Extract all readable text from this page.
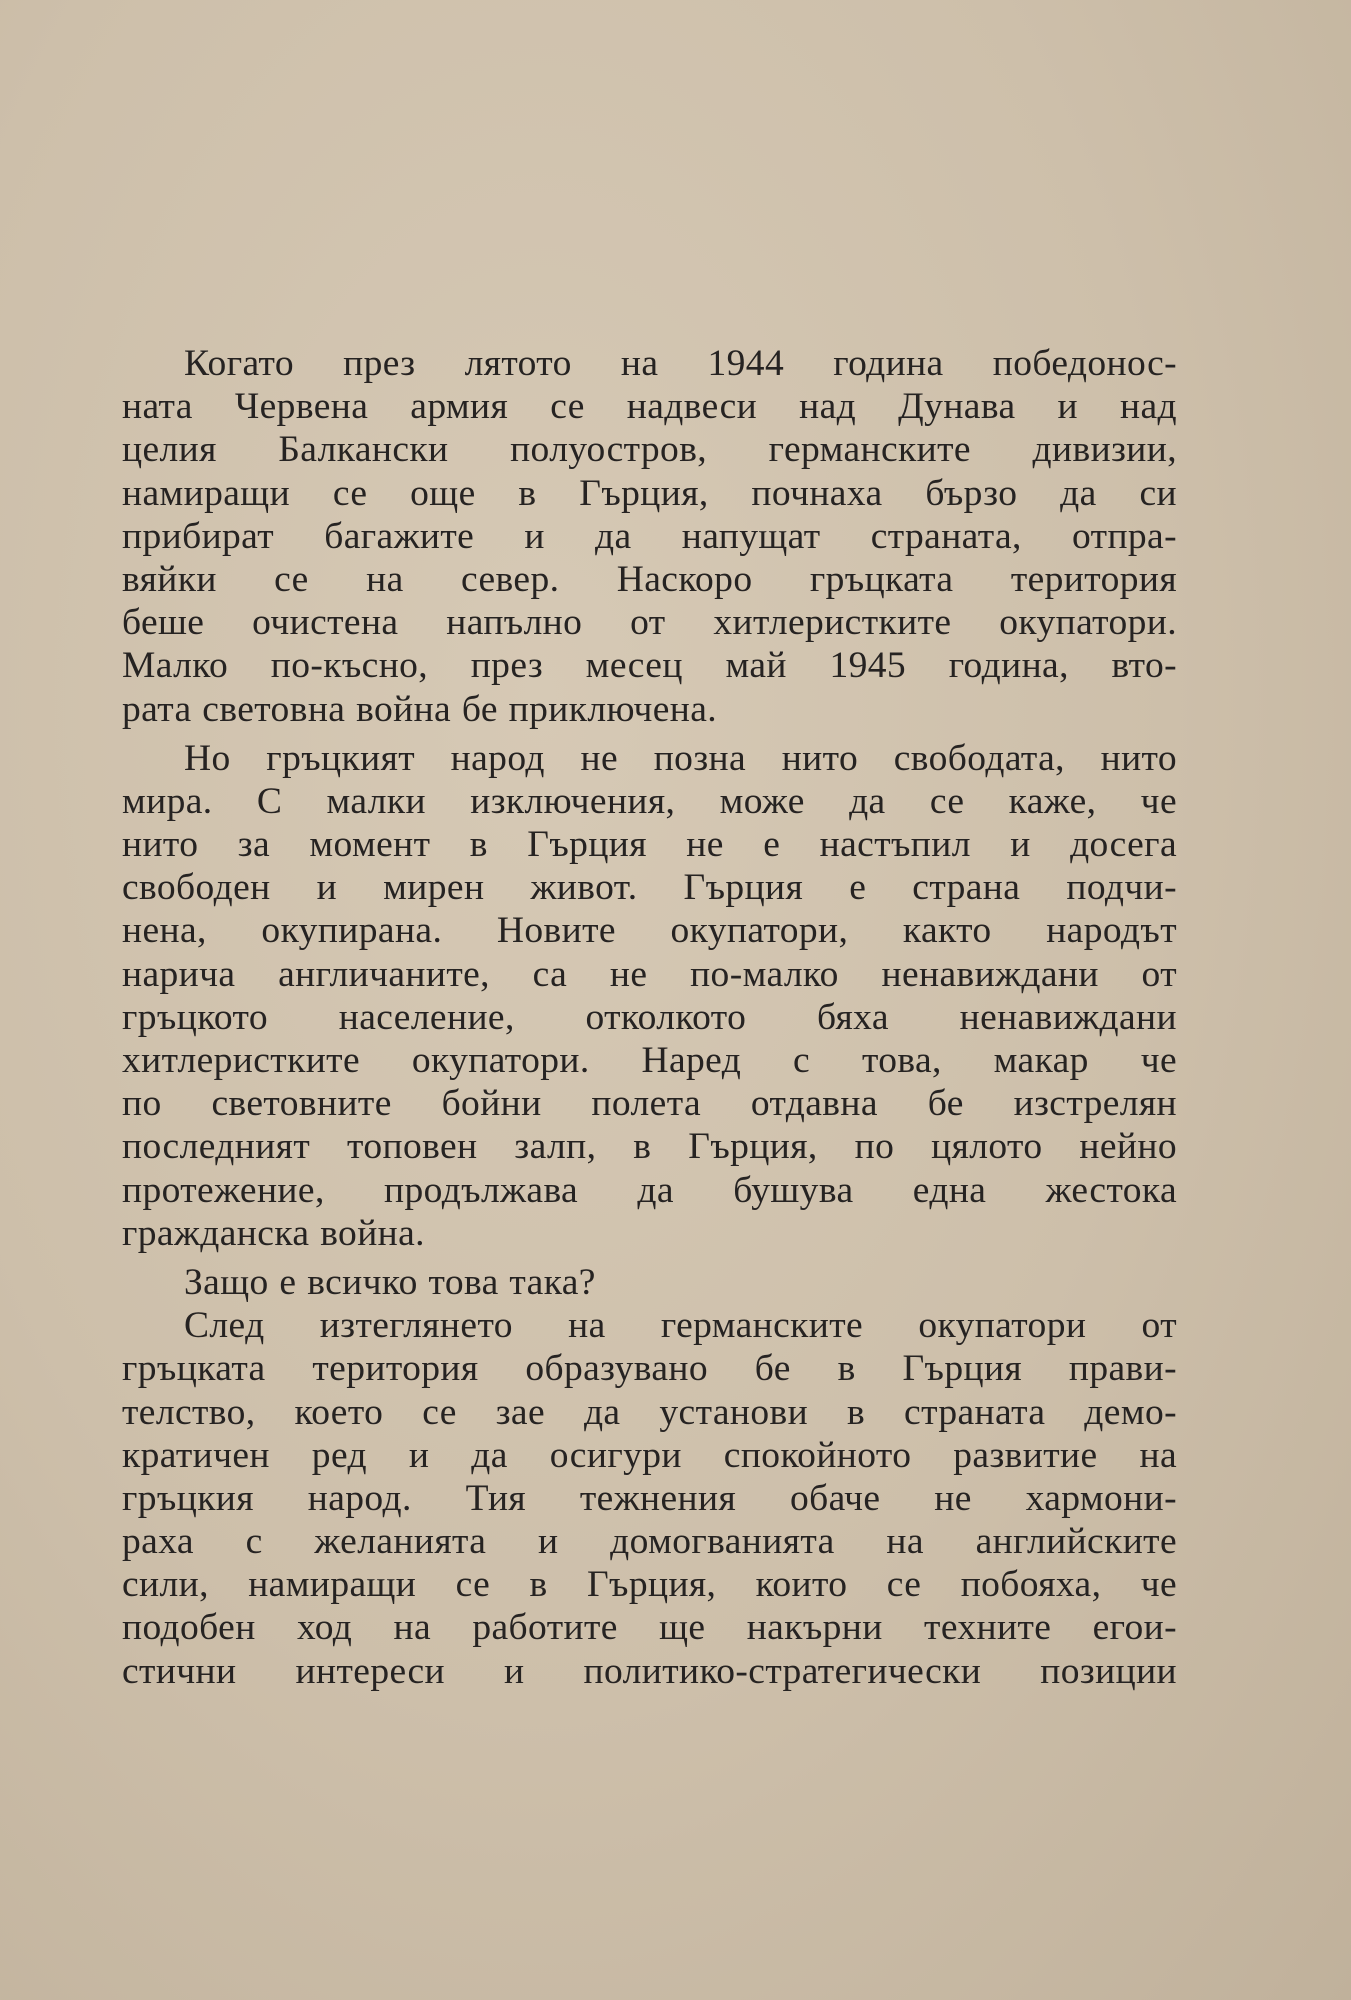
Когато през лятото на 1944 година победонос-
ната Червена армия се надвеси над Дунава и над
целия Балкански полуостров, германските дивизии,
намиращи се още в Гърция, почнаха бързо да си
прибират багажите и да напущат страната, отпра-
вяйки се на север. Наскоро гръцката територия
беше очистена напълно от хитлеристките окупатори.
Малко по-късно, през месец май 1945 година, вто-
рата световна война бе приключена.
Но гръцкият народ не позна нито свободата, нито
мира. С малки изключения, може да се каже, че
нито за момент в Гърция не е настъпил и досега
свободен и мирен живот. Гърция е страна подчи-
нена, окупирана. Новите окупатори, както народът
нарича англичаните, са не по-малко ненавиждани от
гръцкото население, отколкото бяха ненавиждани
хитлеристките окупатори. Наред с това, макар че
по световните бойни полета отдавна бе изстрелян
последният топовен залп, в Гърция, по цялото нейно
протежение, продължава да бушува една жестока
гражданска война.
Защо е всичко това така?
След изтеглянето на германските окупатори от
гръцката територия образувано бе в Гърция прави-
телство, което се зае да установи в страната демо-
кратичен ред и да осигури спокойното развитие на
гръцкия народ. Тия тежнения обаче не хармони-
раха с желанията и домогванията на английските
сили, намиращи се в Гърция, които се побояха, че
подобен ход на работите ще накърни техните егои-
стични интереси и политико-стратегически позиции
